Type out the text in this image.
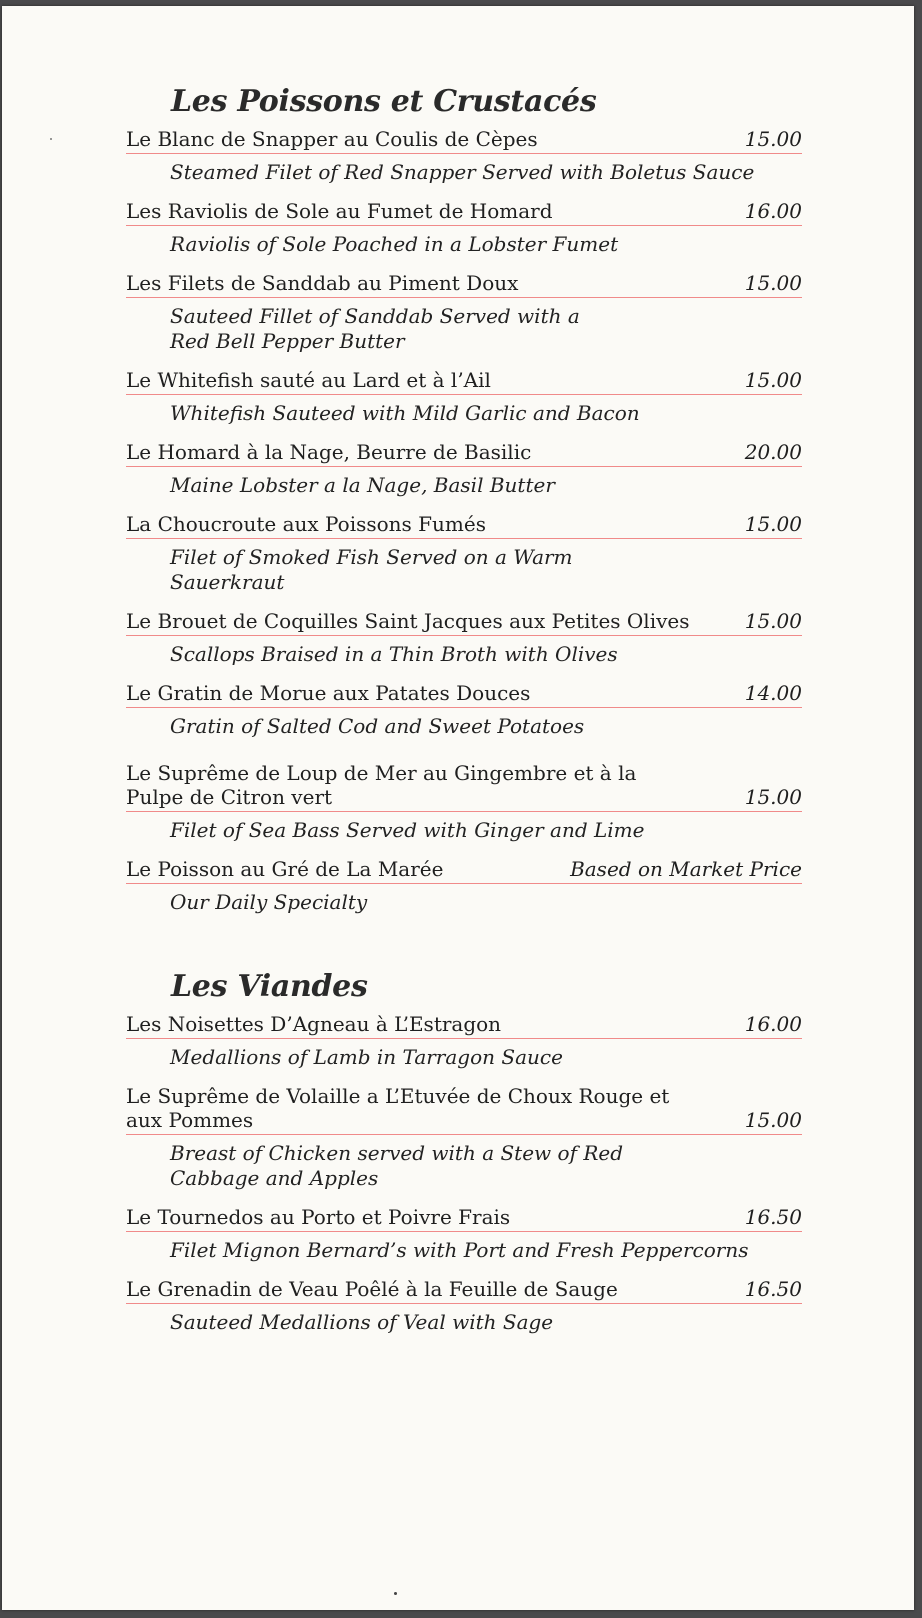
Les Poissons et Crustacés
Le Blanc de Snapper au Coulis de Cèpes	15.00
Steamed Filet of Red Snapper Served with Boletus Sauce
Les Raviolis de Sole au Fumet de Homard	16.00
Raviolis of Sole Poached in a Lobster Fumet
Les Filets de Sanddab au Piment Doux	15.00
Sauteed Fillet of Sanddab Served with a Red Bell Pepper Butter
Le Whitefish sauté au Lard et à l’Ail	15.00
Whitefish Sauteed with Mild Garlic and Bacon
Le Homard à la Nage, Beurre de Basilic	20.00
Maine Lobster a la Nage, Basil Butter
La Choucroute aux Poissons Fumés	15.00
Filet of Smoked Fish Served on a Warm Sauerkraut
Le Brouet de Coquilles Saint Jacques aux Petites Olives	15.00
Scallops Braised in a Thin Broth with Olives
Le Gratin de Morue aux Patates Douces	14.00
Gratin of Salted Cod and Sweet Potatoes
Le Suprême de Loup de Mer au Gingembre et à la Pulpe de Citron vert	15.00
Filet of Sea Bass Served with Ginger and Lime
Le Poisson au Gré de La Marée	Based on Market Price
Our Daily Specialty
Les Viandes
Les Noisettes D’Agneau à L’Estragon	16.00
Medallions of Lamb in Tarragon Sauce
Le Suprême de Volaille a L’Etuvée de Choux Rouge et aux Pommes	15.00
Breast of Chicken served with a Stew of Red Cabbage and Apples
Le Tournedos au Porto et Poivre Frais	16.50
Filet Mignon Bernard’s with Port and Fresh Peppercorns
Le Grenadin de Veau Poêlé à la Feuille de Sauge	16.50
Sauteed Medallions of Veal with Sage
